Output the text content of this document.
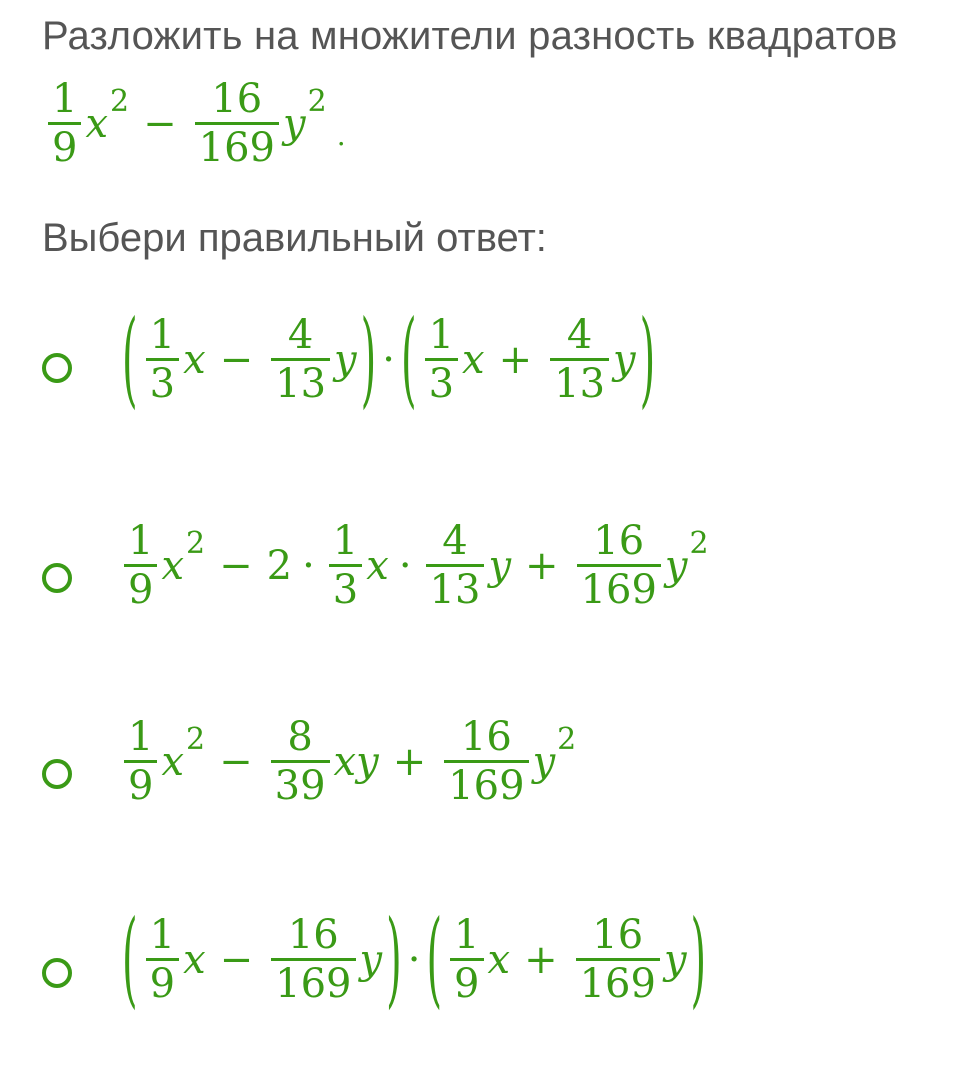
Разложить на множители разность квадратов
$\frac{1}{9}$ x $2 - \frac{16}{169}$ y 2
.
Выбери правильный ответ:
( $\frac{1}{3}$ $x - \frac{4}{13}$ y ) · ( $\frac{1}{3}$ $x + \frac{4}{13}$ y )
$\frac{1}{9}$ x $2 - 2 \cdot \frac{1}{3}$ $x \cdot \frac{4}{13}$ $y + \frac{16}{169}$ y 2
$\frac{1}{9}$ x $2 - \frac{8}{39}$ xy + $\frac{16}{169}$ y 2
( $\frac{1}{9}$ $x - \frac{16}{169}$ y ) · ( $\frac{1}{9}$ $x + \frac{16}{169}$ y )
